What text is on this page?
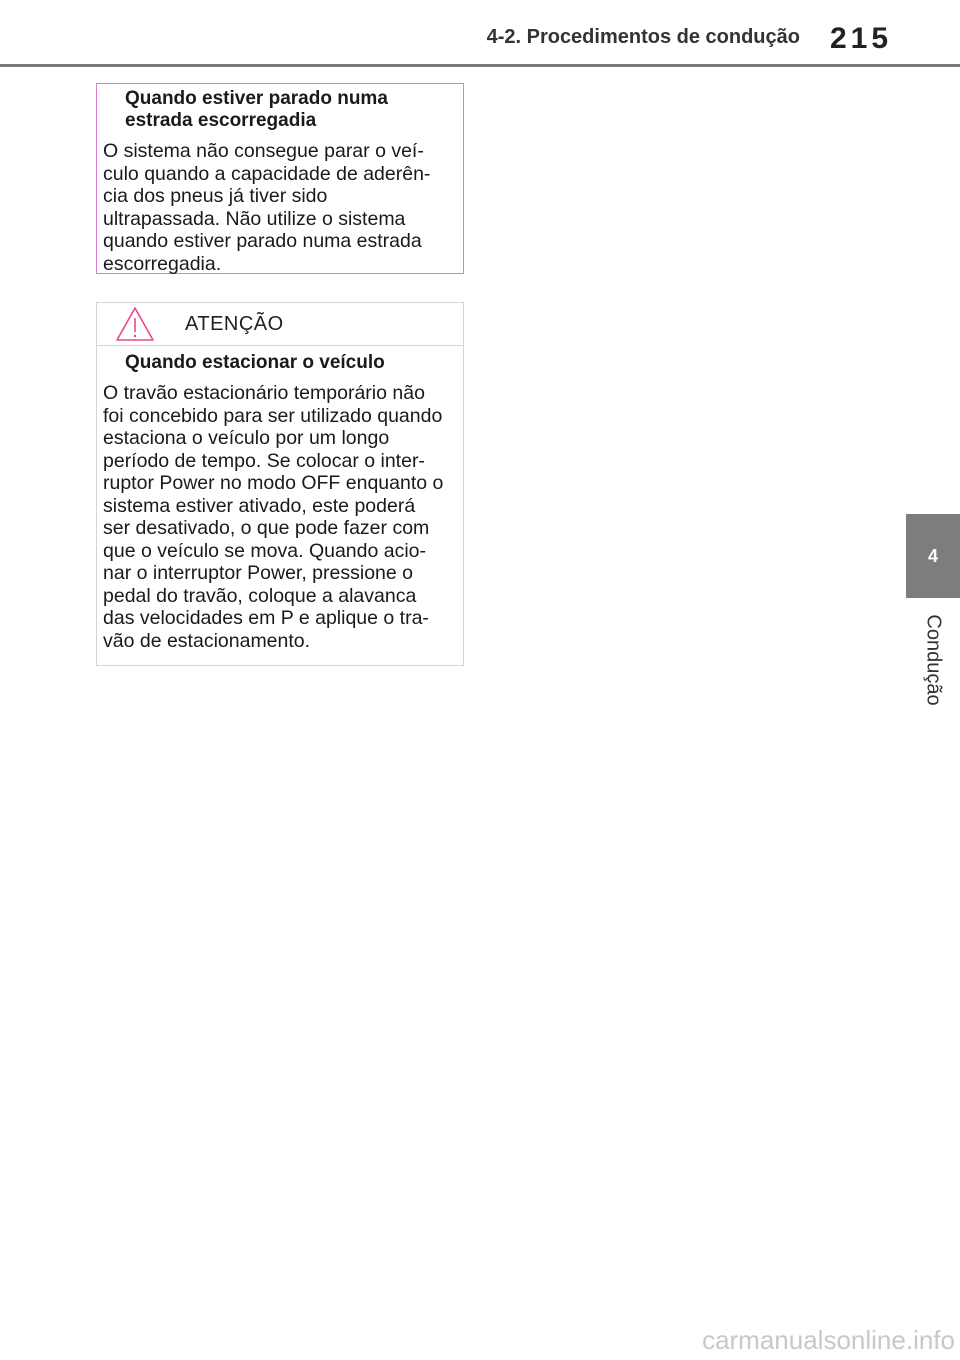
4-2. Procedimentos de condução 215
4
Condução
Quando estiver parado numa estrada escorregadia
O sistema não consegue parar o veí-culo quando a capacidade de aderên-cia dos pneus já tiver sido ultrapassada. Não utilize o sistema quando estiver parado numa estrada escorregadia.
ATENÇÃO
Quando estacionar o veículo
O travão estacionário temporário não foi concebido para ser utilizado quando estaciona o veículo por um longo período de tempo. Se colocar o inter-ruptor Power no modo OFF enquanto o sistema estiver ativado, este poderá ser desativado, o que pode fazer com que o veículo se mova. Quando acio-nar o interruptor Power, pressione o pedal do travão, coloque a alavanca das velocidades em P e aplique o tra-vão de estacionamento.
carmanualsonline.info
